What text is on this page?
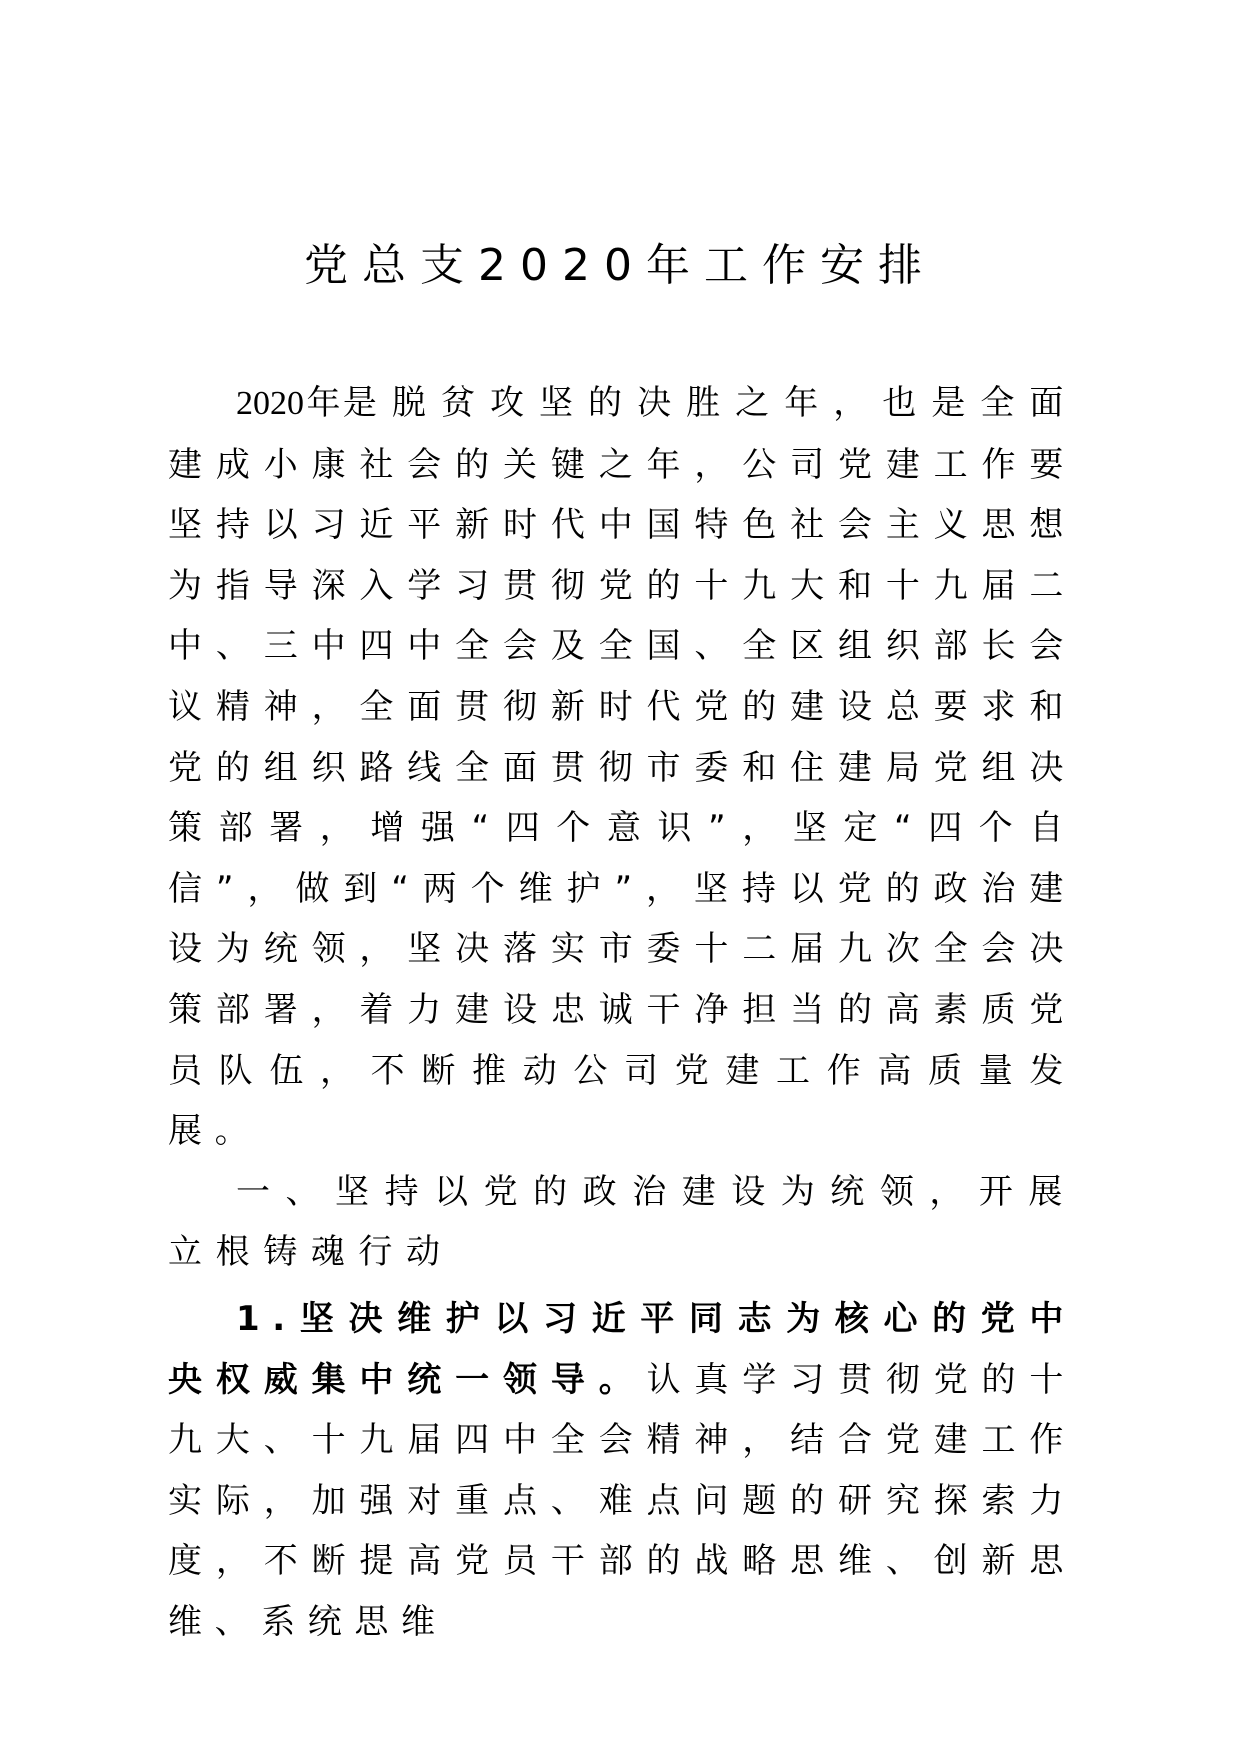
党总支2020年工作安排

2020年是脱贫攻坚的决胜之年，也是全面建成小康社会的关键之年，公司党建工作要坚持以习近平新时代中国特色社会主义思想为指导深入学习贯彻党的十九大和十九届二中、三中四中全会及全国、全区组织部长会议精神，全面贯彻新时代党的建设总要求和党的组织路线全面贯彻市委和住建局党组决策部署，增强“四个意识”，坚定“四个自信”，做到“两个维护”，坚持以党的政治建设为统领，坚决落实市委十二届九次全会决策部署，着力建设忠诚干净担当的高素质党员队伍，不断推动公司党建工作高质量发展。

一、坚持以党的政治建设为统领，开展立根铸魂行动

1.坚决维护以习近平同志为核心的党中央权威集中统一领导。认真学习贯彻党的十九大、十九届四中全会精神，结合党建工作实际，加强对重点、难点问题的研究探索力度，不断提高党员干部的战略思维、创新思维、系统思维
